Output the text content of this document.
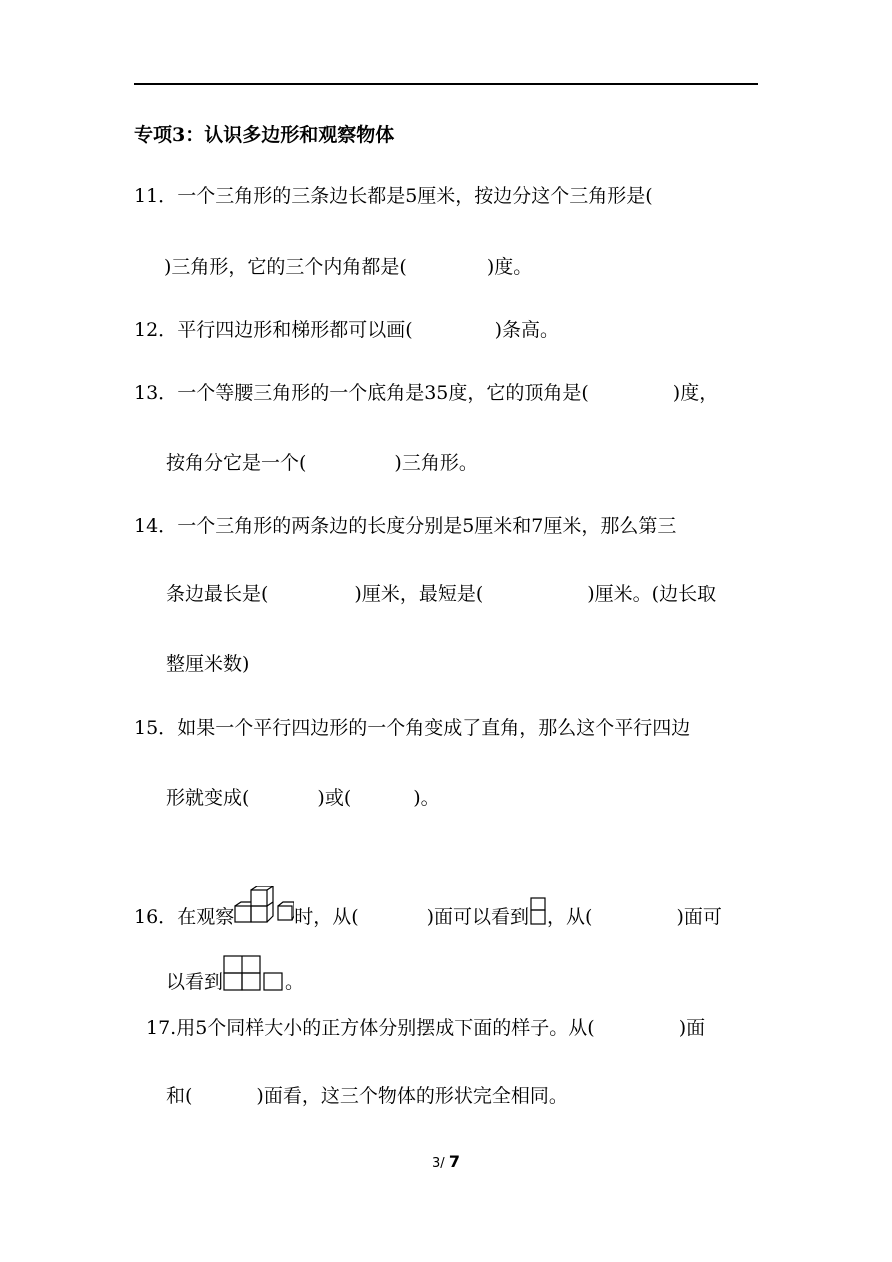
专项3：认识多边形和观察物体
11．一个三角形的三条边长都是5厘米，按边分这个三角形是(
)三角形，它的三个内角都是(	)度。
12．平行四边形和梯形都可以画(	)条高。
13．一个等腰三角形的一个底角是35度，它的顶角是(	)度，
按角分它是一个(	)三角形。
14．一个三角形的两条边的长度分别是5厘米和7厘米，那么第三
条边最长是(	)厘米，最短是(	)厘米。(边长取
整厘米数)
15．如果一个平行四边形的一个角变成了直角，那么这个平行四边
形就变成(	)或(	)。
16．在观察	时，从(	)面可以看到 ，从(	)面可
以看到	。
17.用5个同样大小的正方体分别摆成下面的样子。从(	)面
和(	)面看，这三个物体的形状完全相同。
3/ 7
